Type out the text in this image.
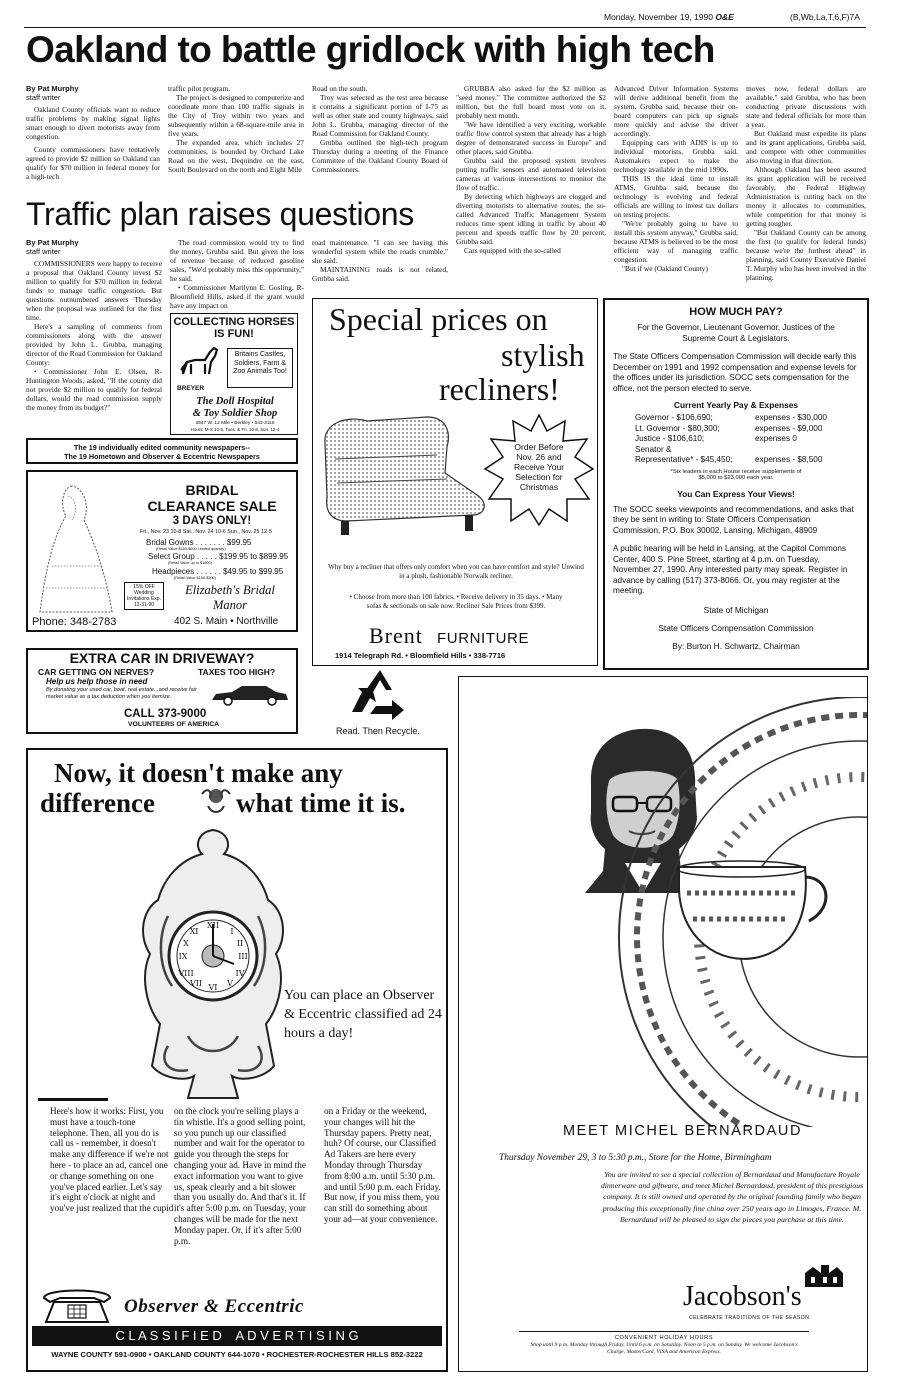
Monday, November 19, 1990 O&E	(B,Wb,La,T,6,F)7A
Oakland to battle gridlock with high tech
By Pat Murphy
staff writer

Oakland County officials want to reduce traffic problems by making signal lights smart enough to divert motorists away from congestion.

County commissioners have tentatively agreed to provide $2 million so Oakland can qualify for $70 million in federal money for a high-tech

traffic pilot program.

The project is designed to computerize and coordinate more than 100 traffic signals in the City of Troy within two years and subsequently within a 68-square-mile area in five years.

The expanded area, which includes 27 communities, is bounded by Orchard Lake Road on the west, Dequindre on the east, South Boulevard on the north and Eight Mile

Road on the south.

Troy was selected as the test area because it contains a significant portion of I-75 as well as other state and county highways, said John L. Grubba, managing director of the Road Commission for Oakland County.

Grubba outlined the high-tech program Thursday during a meeting of the Finance Committee of the Oakland County Board of Commissioners.

GRUBBA also asked for the $2 million as "seed money." The committee authorized the $2 million, but the full board must vote on it, probably next month.

"We have identified a very exciting, workable traffic flow control system that already has a high degree of demonstrated success in Europe" and other places, said Grubba.

Grubba said the proposed system involves putting traffic sensors and automated television cameras at various intersections to monitor the flow of traffic.

By detecting which highways are clogged and diverting motorists to alternative routes, the so-called Advanced Traffic Management System reduces time spent idling in traffic by about 40 percent and speeds traffic flow by 20 percent, Grubba said.

Cars equipped with the so-called

Advanced Driver Information Systems will derive additional benefit from the system, Grubba said, because their on-board computers can pick up signals more quickly and advise the driver accordingly.

Equipping cars with ADIS is up to individual motorists, Grubba said. Automakers expect to make the technology available in the mid 1990s.

THIS IS the ideal time to install ATMS, Grubba said, because the technology is evolving and federal officials are willing to invest tax dollars on testing projects.

"We're probably going to have to install this system anyway," Grubba said, because ATMS is believed to be the most efficient way of managing traffic congestion.

"But if we (Oakland County)

moves now, federal dollars are available," said Grubba, who has been conducting private discussions with state and federal officials for more than a year.

But Oakland must expedite its plans and its grant applications, Grubba said, and compete with other communities also moving in that direction.

Although Oakland has been assured its grant application will be received favorably, the Federal Highway Administration is cutting back on the money it allocates to communities, while competition for that money is getting tougher.

"But Oakland County can be among the first (to qualify for federal funds) because we're the furthest ahead" in planning, said County Executive Daniel T. Murphy who has been involved in the planning.

Traffic plan raises questions
By Pat Murphy
staff writer

COMMISSIONERS were happy to receive a proposal that Oakland County invest $2 million to qualify for $70 million in federal funds to manage traffic congestion. But questions outnumbered answers Thursday when the proposal was outlined for the first time.

Here's a sampling of comments from commissioners along with the answer provided by John L. Grubba, managing director of the Road Commission for Oakland County:

• Commissioner John E. Olsen, R-Huntington Woods, asked, "If the county did not provide $2 million to qualify for federal dollars, would the road commission supply the money from its budget?"

The road commission would try to find the money, Grubba said. But given the loss of revenue because of reduced gasoline sales, "We'd probably miss this opportunity," he said.

• Commissioner Marilynn E. Gosling, R-Bloomfield Hills, asked if the grant would have any impact on

road maintenance. "I can see having this wonderful system while the roads crumble," she said.

MAINTAINING roads is not related, Grubba said.

COLLECTING HORSES
IS FUN!
BREYER
Britains Castles, Soldiers, Farm & Zoo Animals Too!
The Doll Hospital
& Toy Soldier Shop
3947 W. 12 Mile • Berkley • 543-3115
Hours: M-S 10-5, Tues. & Fri. 10-8, Sun. 12-4
The 19 individually edited community newspapers--
The 19 Hometown and Observer & Eccentric Newspapers
BRIDAL
CLEARANCE SALE
3 DAYS ONLY!
Fri., Nov. 23 10-8 Sat., Nov. 24 10-6 Sun., Nov. 25 12-5
Bridal Gowns . . . . . . . $99.95
(Retail Value $400-$600 Limited quantity)
Select Group . . . . . $199.95 to $899.95
(Retail Value up to $1600)
Headpieces . . . . . . $49.95 to $99.95
(Retail Value $150-$300)
15% OFF Wedding Invitations Exp. 12-31-90
Elizabeth's Bridal
Manor
Phone: 348-2783	402 S. Main • Northville
EXTRA CAR IN DRIVEWAY?
CAR GETTING ON NERVES?	TAXES TOO HIGH?
Help us help those in need
By donating your used car, boat, real estate...and receive fair market value as a tax deduction when you itemize.
CALL 373-9000
VOLUNTEERS OF AMERICA
Read. Then Recycle.
Special prices on
stylish
recliners!
Order Before Nov. 26 and Receive Your Selection for Christmas
Why buy a recliner that offers only comfort when you can have comfort and style? Unwind in a plush, fashionable Norwalk recliner.
• Choose from more than 100 fabrics. • Receive delivery in 35 days. • Many sofas & sectionals on sale now. Recliner Sale Prices from $399.
Brent FURNITURE
1914 Telegraph Rd. • Bloomfield Hills • 338-7716
HOW MUCH PAY?
For the Governor, Lieutenant Governor, Justices of the Supreme Court & Legislators.
The State Officers Compensation Commission will decide early this December on 1991 and 1992 compensation and expense levels for the offices under its jurisdiction. SOCC sets compensation for the office, not the person elected to serve.
Current Yearly Pay & Expenses
Governor - $106,690;	expenses - $30,000
Lt. Governor - $80,300;	expenses - $9,000
Justice - $106,610;	expenses 0
Senator &
Representative* - $45,450;	expenses - $8,500
*Six leaders in each House receive supplements of
$5,000 to $23,000 each year.
You Can Express Your Views!
The SOCC seeks viewpoints and recommendations, and asks that they be sent in writing to: State Officers Compensation Commission, P.O. Box 30002, Lansing, Michigan, 48909
A public hearing will be held in Lansing, at the Capitol Commons Center, 400 S. Pine Street, starting at 4 p.m. on Tuesday, November 27, 1990. Any interested party may speak. Register in advance by calling (517) 373-8066. Or, you may register at the meeting.
State of Michigan
State Officers Compensation Commission
By: Burton H. Schwartz, Chairman
Now, it doesn't make any
difference	what time it is.
XII
III
VI
IX
I
II
IV
V
VII
VIII
X
XI
You can place an Observer & Eccentric classified ad 24 hours a day!
Here's how it works: First, you must have a touch-tone telephone. Then, all you do is call us - remember, it doesn't make any difference if we're not here - to place an ad, cancel one or change something on one you've placed earlier. Let's say it's eight o'clock at night and you've just realized that the cupid
on the clock you're selling plays a tin whistle. It's a good selling point, so you punch up our classified number and wait for the operator to guide you through the steps for changing your ad. Have in mind the exact information you want to give us, speak clearly and a bit slower than you usually do. And that's it. If it's after 5:00 p.m. on Tuesday, your changes will be made for the next Monday paper. Or, if it's after 5:00 p.m.
on a Friday or the weekend, your changes will hit the Thursday papers. Pretty neat, huh? Of course, our Classified Ad Takers are here every Monday through Thursday from 8:00 a.m. until 5:30 p.m. and until 5:00 p.m. each Friday. But now, if you miss them, you can still do something about your ad—at your convenience.
Observer & Eccentric
C L A S S I F I E D    A D V E R T I S I N G
WAYNE COUNTY 591-0900 • OAKLAND COUNTY 644-1070 • ROCHESTER-ROCHESTER HILLS 852-3222
MEET MICHEL BERNARDAUD
Thursday November 29, 3 to 5:30 p.m., Store for the Home, Birmingham
You are invited to see a special collection of Bernardaud and Manufacture Royale dinnerware and giftware, and meet Michel Bernardaud, president of this prestigious company. It is still owned and operated by the original founding family who began producing this exceptionally fine china over 250 years ago in Limoges, France. M. Bernardaud will be pleased to sign the pieces you purchase at this time.
Jacobson's
CELEBRATE TRADITIONS OF THE SEASON
CONVENIENT HOLIDAY HOURS
Shop until 9 p.m. Monday through Friday. Until 6 p.m. on Saturday. Noon to 5 p.m. on Sunday. We welcome Jacobson's Charge, MasterCard, VISA and American Express.
